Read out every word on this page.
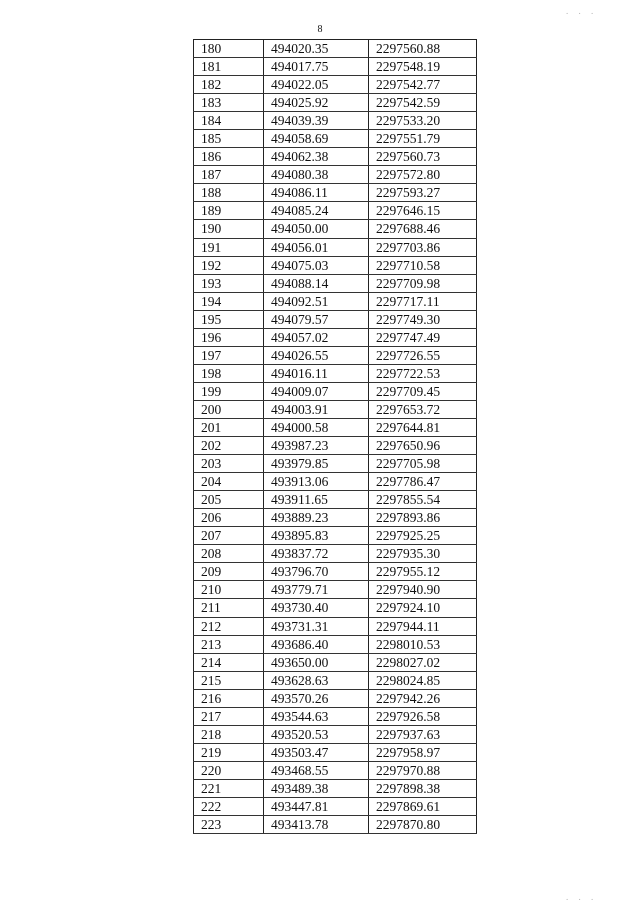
8
180	494020.35	2297560.88
181	494017.75	2297548.19
182	494022.05	2297542.77
183	494025.92	2297542.59
184	494039.39	2297533.20
185	494058.69	2297551.79
186	494062.38	2297560.73
187	494080.38	2297572.80
188	494086.11	2297593.27
189	494085.24	2297646.15
190	494050.00	2297688.46
191	494056.01	2297703.86
192	494075.03	2297710.58
193	494088.14	2297709.98
194	494092.51	2297717.11
195	494079.57	2297749.30
196	494057.02	2297747.49
197	494026.55	2297726.55
198	494016.11	2297722.53
199	494009.07	2297709.45
200	494003.91	2297653.72
201	494000.58	2297644.81
202	493987.23	2297650.96
203	493979.85	2297705.98
204	493913.06	2297786.47
205	493911.65	2297855.54
206	493889.23	2297893.86
207	493895.83	2297925.25
208	493837.72	2297935.30
209	493796.70	2297955.12
210	493779.71	2297940.90
211	493730.40	2297924.10
212	493731.31	2297944.11
213	493686.40	2298010.53
214	493650.00	2298027.02
215	493628.63	2298024.85
216	493570.26	2297942.26
217	493544.63	2297926.58
218	493520.53	2297937.63
219	493503.47	2297958.97
220	493468.55	2297970.88
221	493489.38	2297898.38
222	493447.81	2297869.61
223	493413.78	2297870.80
. . .
. . .
